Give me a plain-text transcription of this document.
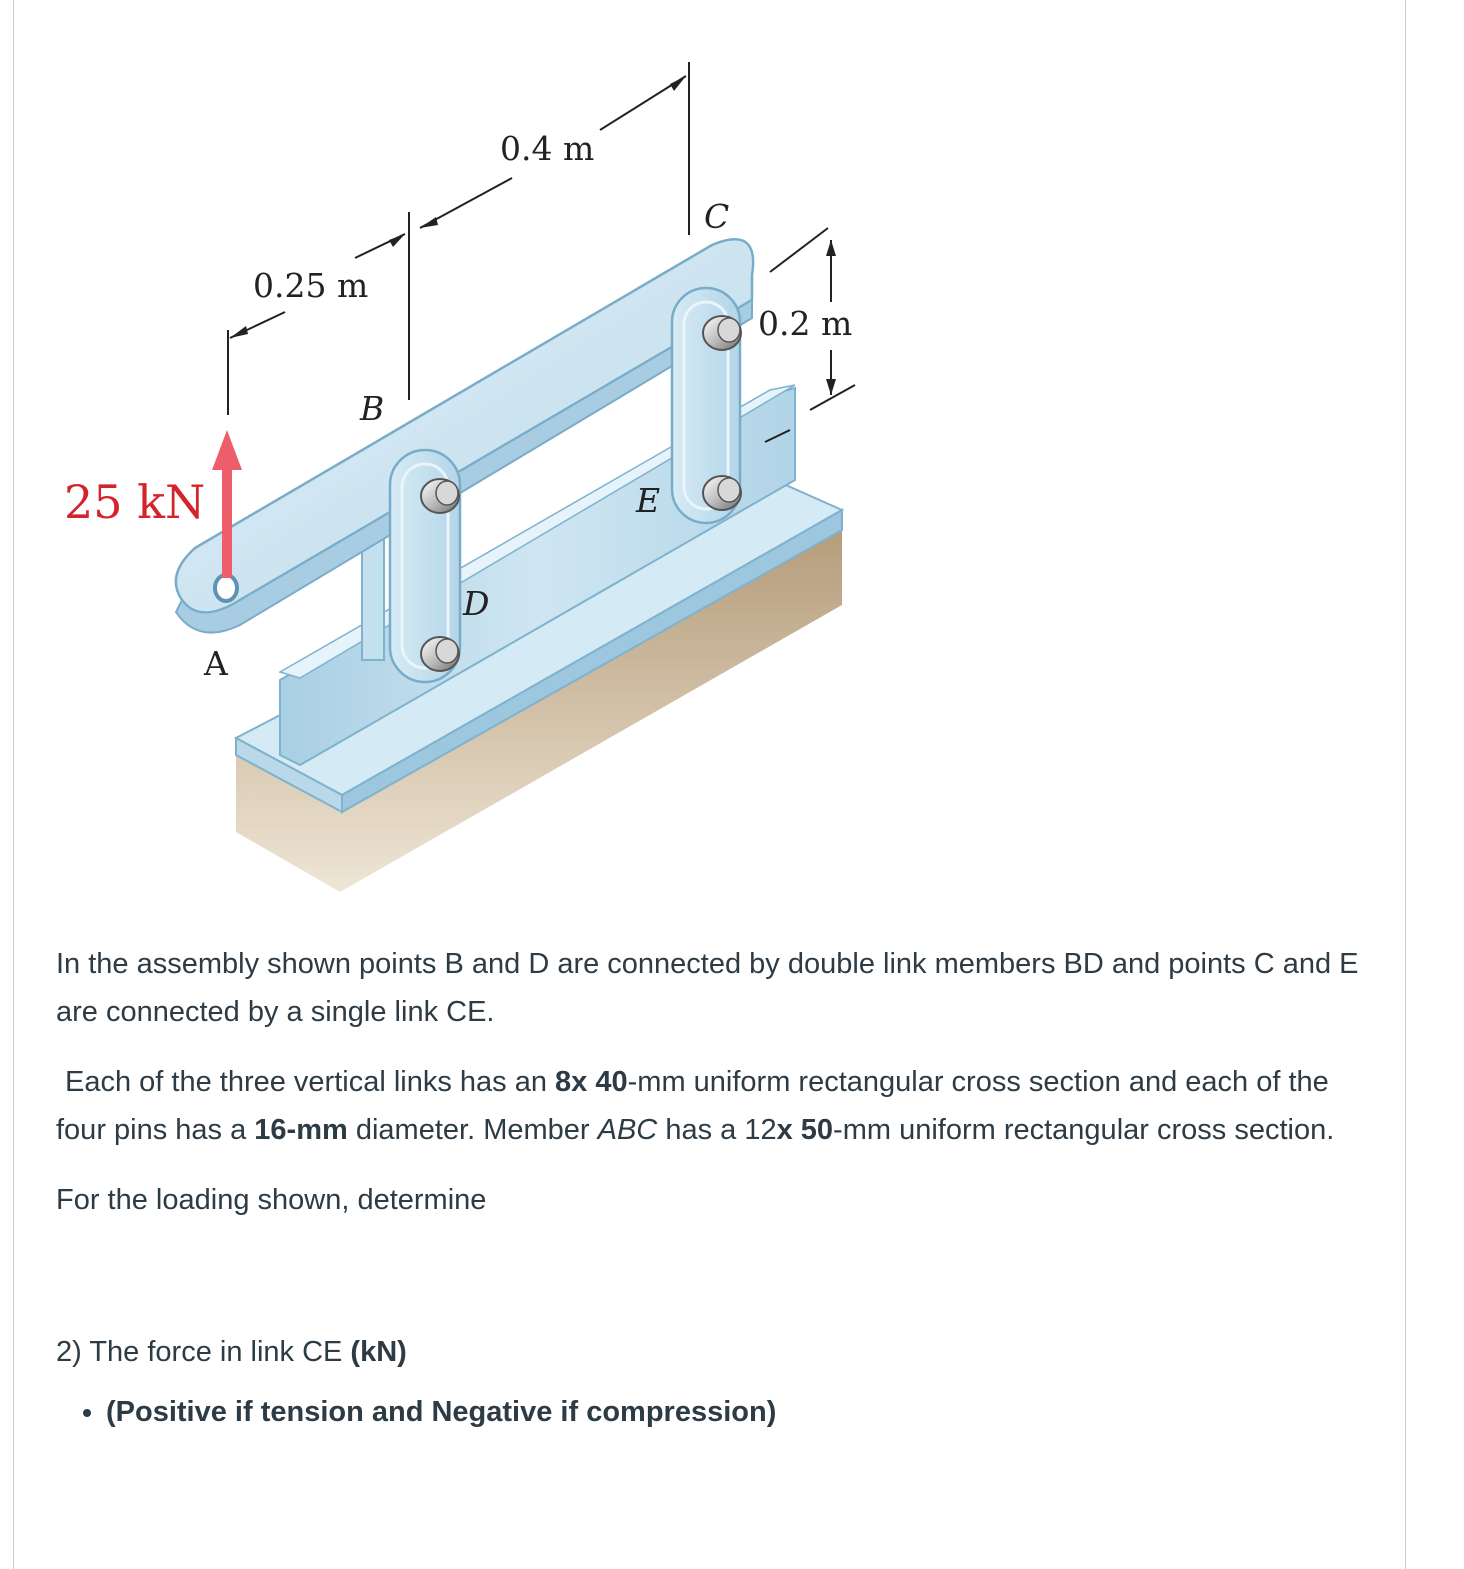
0.4 m
0.25 m
0.2 m
B
C
D
E
A
25 kN

In the assembly shown points B and D are connected by double link members BD and points C and E are connected by a single link CE.

Each of the three vertical links has an 8x 40-mm uniform rectangular cross section and each of the four pins has a 16-mm diameter. Member ABC has a 12x 50-mm uniform rectangular cross section.

For the loading shown, determine

2) The force in link CE (kN)

• (Positive if tension and Negative if compression)
